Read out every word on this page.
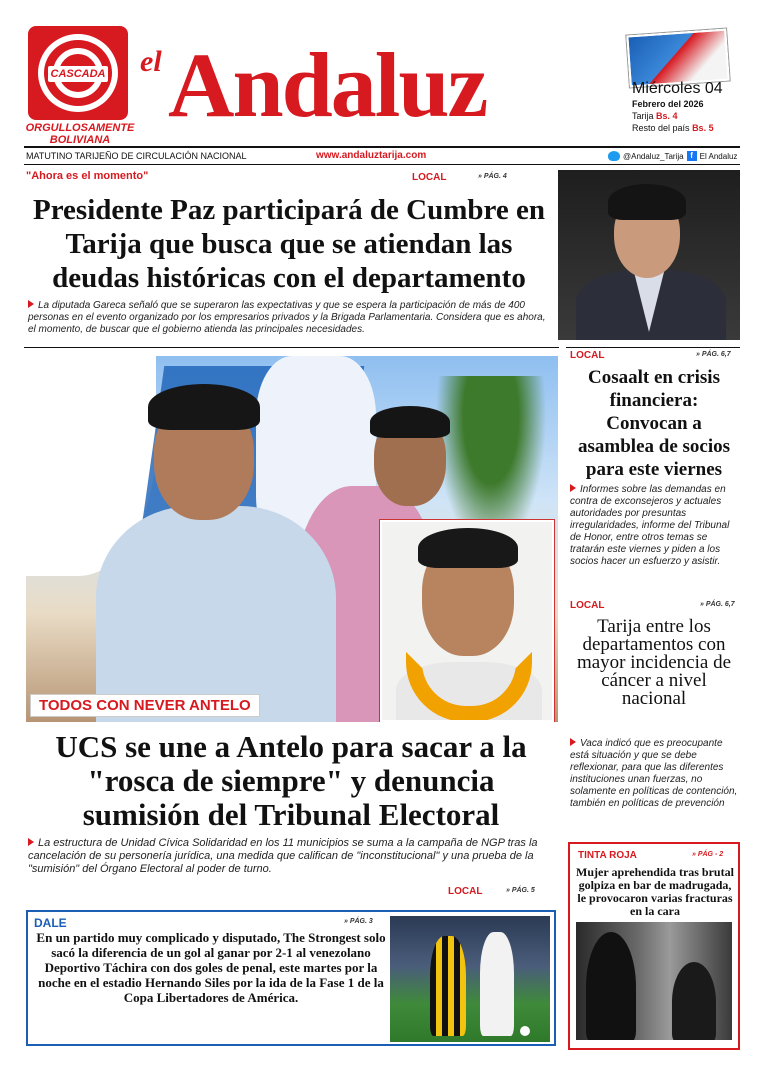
CASCADA
ORGULLOSAMENTE BOLIVIANA
el Andaluz	Miércoles 04
Febrero del 2026
Tarija Bs. 4
Resto del país Bs. 5
MATUTINO TARIJEÑO DE CIRCULACIÓN NACIONAL	www.andaluztarija.com	@Andaluz_Tarija f El Andaluz
"Ahora es el momento"	LOCAL	» PÁG. 4
Presidente Paz participará de Cumbre en Tarija que busca que se atiendan las deudas históricas con el departamento
La diputada Gareca señaló que se superaron las expectativas y que se espera la participación de más de 400 personas en el evento organizado por los empresarios privados y la Brigada Parlamentaria. Considera que es ahora, el momento, de buscar que el gobierno atienda las principales necesidades.
TODOS CON NEVER ANTELO
UCS se une a Antelo para sacar a la "rosca de siempre" y denuncia sumisión del Tribunal Electoral
La estructura de Unidad Cívica Solidaridad en los 11 municipios se suma a la campaña de NGP tras la cancelación de su personería jurídica, una medida que califican de "inconstitucional" y una prueba de la "sumisión" del Órgano Electoral al poder de turno.
LOCAL	» PÁG. 5
LOCAL	» PÁG. 6,7
Cosaalt en crisis financiera: Convocan a asamblea de socios para este viernes
Informes sobre las demandas en contra de exconsejeros y actuales autoridades por presuntas irregularidades, informe del Tribunal de Honor, entre otros temas se tratarán este viernes y piden a los socios hacer un esfuerzo y asistir.
LOCAL	» PÁG. 6,7
Tarija entre los departamentos con mayor incidencia de cáncer a nivel nacional
Vaca indicó que es preocupante está situación y que se debe reflexionar, para que las diferentes instituciones unan fuerzas, no solamente en políticas de contención, también en políticas de prevención
TINTA ROJA	» PÁG - 2
Mujer aprehendida tras brutal golpiza en bar de madrugada, le provocaron varias fracturas en la cara
DALE	» PÁG. 3
En un partido muy complicado y disputado, The Strongest solo sacó la diferencia de un gol al ganar por 2-1 al venezolano Deportivo Táchira con dos goles de penal, este martes por la noche en el estadio Hernando Siles por la ida de la Fase 1 de la Copa Libertadores de América.
